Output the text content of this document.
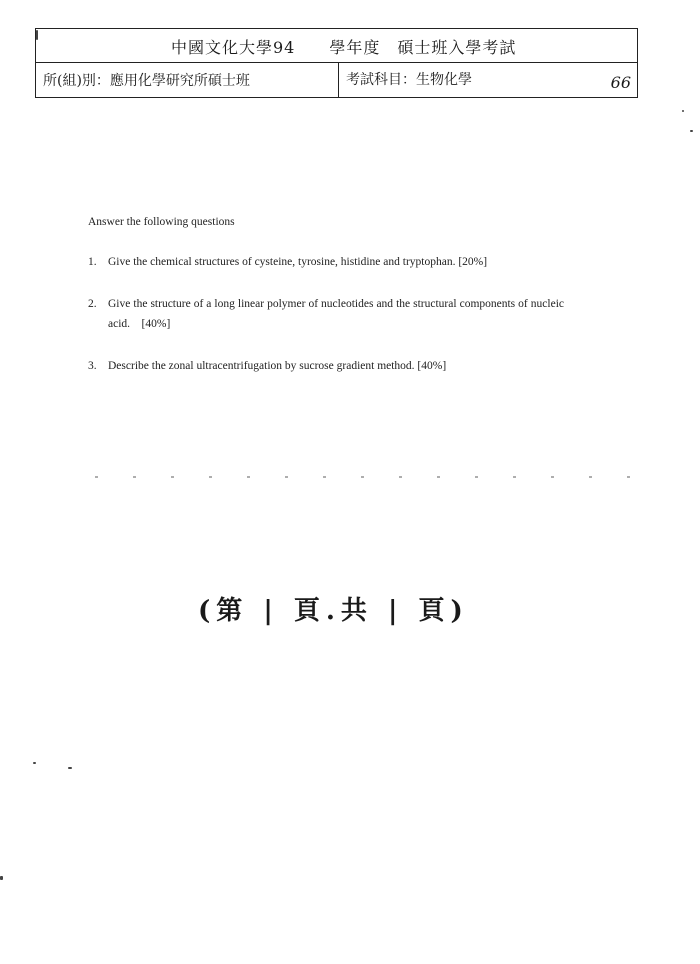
中國文化大學94　　學年度　碩士班入學考試
所(組)別：應用化學研究所碩士班	考試科目：生物化學	66

Answer the following questions

1. Give the chemical structures of cysteine, tyrosine, histidine and tryptophan. [20%]
2. Give the structure of a long linear polymer of nucleotides and the structural components of nucleic acid.　[40%]
3. Describe the zonal ultracentrifugation by sucrose gradient method. [40%]
(第 | 頁.共 | 頁)
